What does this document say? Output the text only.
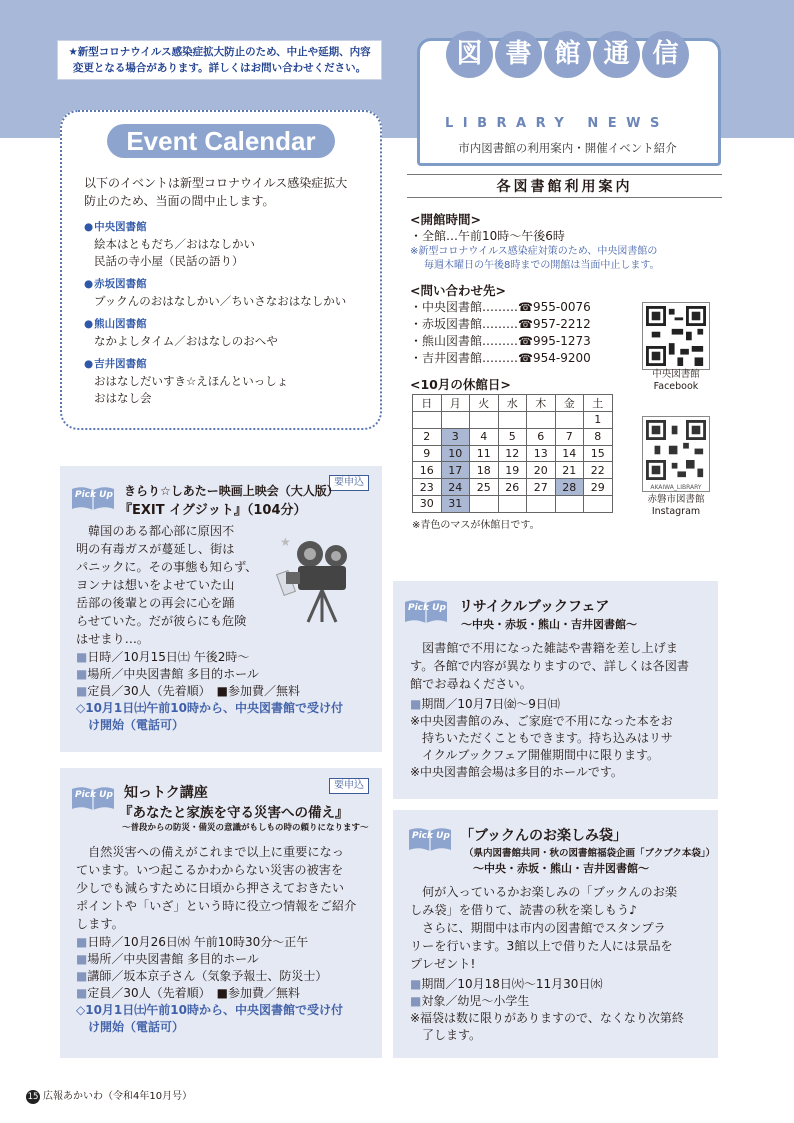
★新型コロナウイルス感染症拡大防止のため、中止や延期、内容
変更となる場合があります。詳しくはお問い合わせください。	図 書 館 通 信
LIBRARY NEWS
市内図書館の利用案内・開催イベント紹介
Event Calendar
以下のイベントは新型コロナウイルス感染症拡大
防止のため、当面の間中止します。
● 中央図書館
絵本はともだち／おはなしかい
民話の寺小屋（民話の語り）
● 赤坂図書館
ブックんのおはなしかい／ちいさなおはなしかい
● 熊山図書館
なかよしタイム／おはなしのおへや
● 吉井図書館
おはなしだいすき☆えほんといっしょ
おはなし会
各図書館利用案内
<開館時間>
・全館…午前10時〜午後6時
※新型コロナウイルス感染症対策のため、中央図書館の
毎週木曜日の午後8時までの開館は当面中止します。
<問い合わせ先>
・中央図書館………☎955-0076
・赤坂図書館………☎957-2212
・熊山図書館………☎995-1273
・吉井図書館………☎954-9200
<10月の休館日>
日	月	火	水	木	金	土
						1
2	3	4	5	6	7	8
9	10	11	12	13	14	15
16	17	18	19	20	21	22
23	24	25	26	27	28	29
30	31					
※青色のマスが休館日です。
中央図書館
Facebook
AKAIWA_LIBRARY
赤磐市図書館
Instagram
Pick Up
要申込
きらり☆しあたー映画上映会（大人版）
『EXIT イグジット』（104分）
韓国のある都心部に原因不
明の有毒ガスが蔓延し、街は
パニックに。その事態も知らず、
ヨンナは想いをよせていた山
岳部の後輩との再会に心を踊
らせていた。だが彼らにも危険
はせまり…。
★
■日時／10月15日㈯ 午後2時〜
■場所／中央図書館 多目的ホール
■定員／30人（先着順）　■参加費／無料
◇10月1日㈯午前10時から、中央図書館で受け付
け開始（電話可）
Pick Up
要申込
知っトク講座
『あなたと家族を守る災害への備え』
〜普段からの防災・備災の意識がもしもの時の頼りになります〜
自然災害への備えがこれまで以上に重要になっ
ています。いつ起こるかわからない災害の被害を
少しでも減らすために日頃から押さえておきたい
ポイントや「いざ」という時に役立つ情報をご紹介
します。
■日時／10月26日㈬ 午前10時30分〜正午
■場所／中央図書館 多目的ホール
■講師／坂本京子さん（気象予報士、防災士）
■定員／30人（先着順）　■参加費／無料
◇10月1日㈯午前10時から、中央図書館で受け付
け開始（電話可）
Pick Up リサイクルブックフェア
〜中央・赤坂・熊山・吉井図書館〜
図書館で不用になった雑誌や書籍を差し上げま
す。各館で内容が異なりますので、詳しくは各図書
館でお尋ねください。
■期間／10月7日㈮〜9日㈰
※中央図書館のみ、ご家庭で不用になった本をお
持ちいただくこともできます。持ち込みはリサ
イクルブックフェア開催期間中に限ります。
※中央図書館会場は多目的ホールです。
Pick Up 「ブックんのお楽しみ袋」
（県内図書館共同・秋の図書館福袋企画「ブクブク本袋」）
〜中央・赤坂・熊山・吉井図書館〜
何が入っているかお楽しみの「ブックんのお楽
しみ袋」を借りて、読書の秋を楽しもう♪
さらに、期間中は市内の図書館でスタンプラ
リーを行います。3館以上で借りた人には景品を
プレゼント!
■期間／10月18日㈫〜11月30日㈬
■対象／幼児〜小学生
※福袋は数に限りがありますので、なくなり次第終
了します。
15 広報あかいわ（令和4年10月号）
